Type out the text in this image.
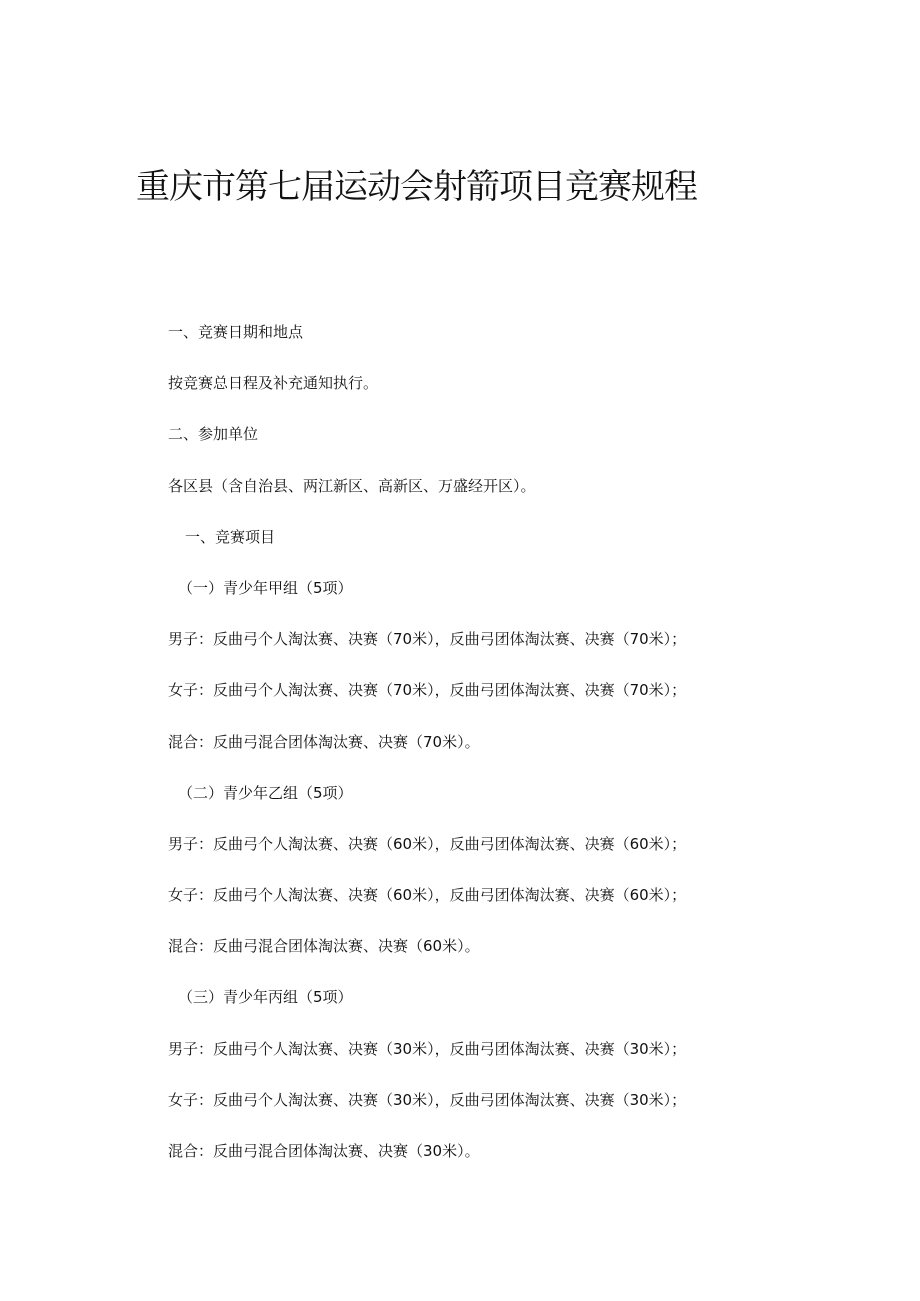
重庆市第七届运动会射箭项目竞赛规程

一、竞赛日期和地点

按竞赛总日程及补充通知执行。

二、参加单位

各区县（含自治县、两江新区、高新区、万盛经开区）。

一、竞赛项目

（一）青少年甲组（5项）

男子：反曲弓个人淘汰赛、决赛（70米），反曲弓团体淘汰赛、决赛（70米）；

女子：反曲弓个人淘汰赛、决赛（70米），反曲弓团体淘汰赛、决赛（70米）；

混合：反曲弓混合团体淘汰赛、决赛（70米）。

（二）青少年乙组（5项）

男子：反曲弓个人淘汰赛、决赛（60米），反曲弓团体淘汰赛、决赛（60米）；

女子：反曲弓个人淘汰赛、决赛（60米），反曲弓团体淘汰赛、决赛（60米）；

混合：反曲弓混合团体淘汰赛、决赛（60米）。

（三）青少年丙组（5项）

男子：反曲弓个人淘汰赛、决赛（30米），反曲弓团体淘汰赛、决赛（30米）；

女子：反曲弓个人淘汰赛、决赛（30米），反曲弓团体淘汰赛、决赛（30米）；

混合：反曲弓混合团体淘汰赛、决赛（30米）。
